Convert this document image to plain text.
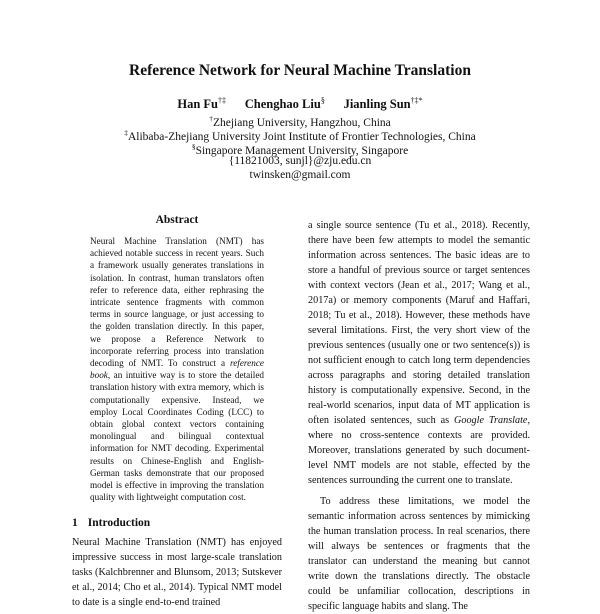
Reference Network for Neural Machine Translation
Han Fu†‡ Chenghao Liu§ Jianling Sun†‡*
†Zhejiang University, Hangzhou, China
‡Alibaba-Zhejiang University Joint Institute of Frontier Technologies, China
§Singapore Management University, Singapore
{11821003, sunjl}@zju.edu.cn
twinsken@gmail.com
Abstract

Neural Machine Translation (NMT) has achieved notable success in recent years. Such a framework usually generates translations in isolation. In contrast, human translators often refer to reference data, either rephrasing the intricate sentence fragments with common terms in source language, or just accessing to the golden translation directly. In this paper, we propose a Reference Network to incorporate referring process into translation decoding of NMT. To construct a reference book, an intuitive way is to store the detailed translation history with extra memory, which is computationally expensive. Instead, we employ Local Coordinates Coding (LCC) to obtain global context vectors containing monolingual and bilingual contextual information for NMT decoding. Experimental results on Chinese-English and English-German tasks demonstrate that our proposed model is effective in improving the translation quality with lightweight computation cost.

1 Introduction

Neural Machine Translation (NMT) has enjoyed impressive success in most large-scale translation tasks (Kalchbrenner and Blunsom, 2013; Sutskever et al., 2014; Cho et al., 2014). Typical NMT model to date is a single end-to-end trained

a single source sentence (Tu et al., 2018). Recently, there have been few attempts to model the semantic information across sentences. The basic ideas are to store a handful of previous source or target sentences with context vectors (Jean et al., 2017; Wang et al., 2017a) or memory components (Maruf and Haffari, 2018; Tu et al., 2018). However, these methods have several limitations. First, the very short view of the previous sentences (usually one or two sentence(s)) is not sufficient enough to catch long term dependencies across paragraphs and storing detailed translation history is computationally expensive. Second, in the real-world scenarios, input data of MT application is often isolated sentences, such as Google Translate, where no cross-sentence contexts are provided. Moreover, translations generated by such document-level NMT models are not stable, effected by the sentences surrounding the current one to translate.

To address these limitations, we model the semantic information across sentences by mimicking the human translation process. In real scenarios, there will always be sentences or fragments that the translator can understand the meaning but cannot write down the translations directly. The obstacle could be unfamiliar collocation, descriptions in specific language habits and slang. The
